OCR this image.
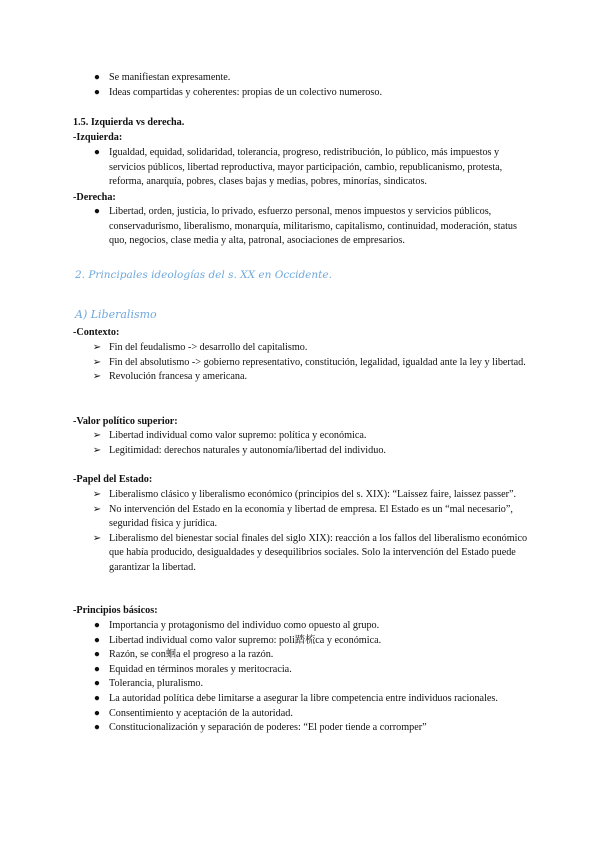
● Se manifiestan expresamente.
● Ideas compartidas y coherentes: propias de un colectivo numeroso.
1.5. Izquierda vs derecha.
-Izquierda:
● Igualdad, equidad, solidaridad, tolerancia, progreso, redistribución, lo público, más impuestos y servicios públicos, libertad reproductiva, mayor participación, cambio, republicanismo, protesta, reforma, anarquía, pobres, clases bajas y medias, pobres, minorías, sindicatos.
-Derecha:
● Libertad, orden, justicia, lo privado, esfuerzo personal, menos impuestos y servicios públicos, conservadurismo, liberalismo, monarquía, militarismo, capitalismo, continuidad, moderación, status quo, negocios, clase media y alta, patronal, asociaciones de empresarios.
2. Principales ideologías del s. XX en Occidente.
A) Liberalismo
-Contexto:
➢ Fin del feudalismo -> desarrollo del capitalismo.
➢ Fin del absolutismo -> gobierno representativo, constitución, legalidad, igualdad ante la ley y libertad.
➢ Revolución francesa y americana.
-Valor político superior:
➢ Libertad individual como valor supremo: política y económica.
➢ Legitimidad: derechos naturales y autonomía/libertad del individuo.
-Papel del Estado:
➢ Liberalismo clásico y liberalismo económico (principios del s. XIX): “Laissez faire, laissez passer”.
➢ No intervención del Estado en la economía y libertad de empresa. El Estado es un “mal necesario”, seguridad física y jurídica.
➢ Liberalismo del bienestar social finales del siglo XIX): reacción a los fallos del liberalismo económico que había producido, desigualdades y desequilibrios sociales. Solo la intervención del Estado puede garantizar la libertad.
-Principios básicos:
● Importancia y protagonismo del individuo como opuesto al grupo.
● Libertad individual como valor supremo: poli踏梳ca y económica.
● Razón, se con蛔a el progreso a la razón.
● Equidad en términos morales y meritocracia.
● Tolerancia, pluralismo.
● La autoridad política debe limitarse a asegurar la libre competencia entre individuos racionales.
● Consentimiento y aceptación de la autoridad.
● Constitucionalización y separación de poderes: “El poder tiende a corromper”
